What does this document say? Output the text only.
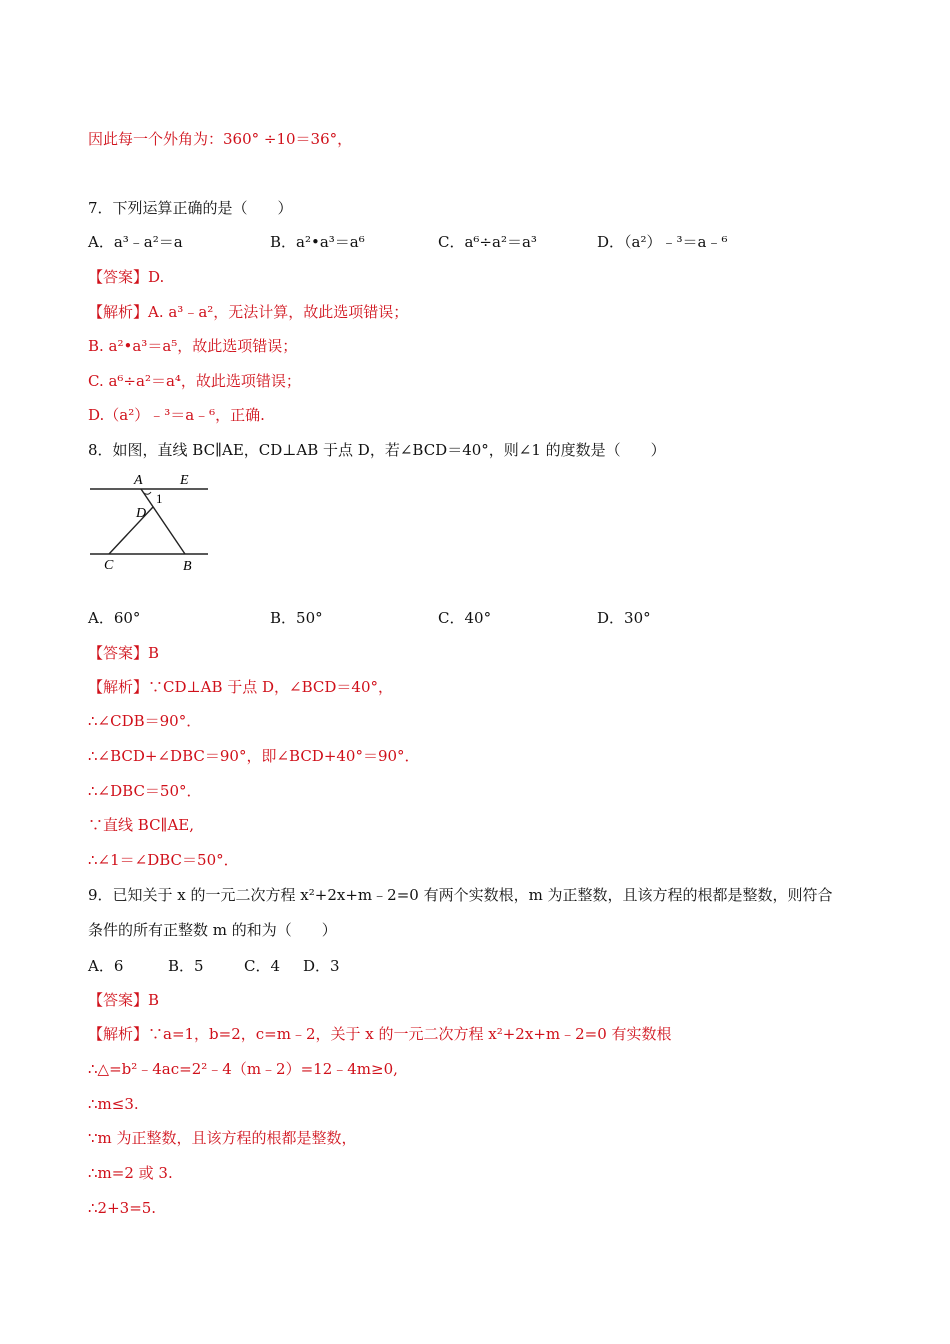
因此每一个外角为：360° ÷10＝36°，
7．下列运算正确的是（　　）
A．a³﹣a²＝a	B．a²•a³＝a⁶	C．a⁶÷a²＝a³	D．（a²）﹣³＝a﹣⁶
【答案】D.
【解析】A. a³﹣a²，无法计算，故此选项错误；
B. a²•a³＝a⁵，故此选项错误；
C. a⁶÷a²＝a⁴，故此选项错误；
D.（a²）﹣³＝a﹣⁶，正确.
8．如图，直线 BC∥AE，CD⊥AB 于点 D，若∠BCD＝40°，则∠1 的度数是（　　）
A	E
1
D
C	B
A．60°	B．50°	C．40°	D．30°
【答案】B
【解析】∵CD⊥AB 于点 D，∠BCD＝40°，
∴∠CDB＝90°．
∴∠BCD+∠DBC＝90°，即∠BCD+40°＝90°．
∴∠DBC＝50°．
∵直线 BC∥AE,
∴∠1＝∠DBC＝50°．
9．已知关于 x 的一元二次方程 x²+2x+m﹣2=0 有两个实数根，m 为正整数，且该方程的根都是整数，则符合
条件的所有正整数 m 的和为（　　）
A．6	B．5	C．4 D．3
【答案】B
【解析】∵a=1，b=2，c=m﹣2，关于 x 的一元二次方程 x²+2x+m﹣2=0 有实数根
∴△=b²﹣4ac=2²﹣4（m﹣2）=12﹣4m≥0,
∴m≤3.
∵m 为正整数，且该方程的根都是整数，
∴m=2 或 3.
∴2+3=5.
